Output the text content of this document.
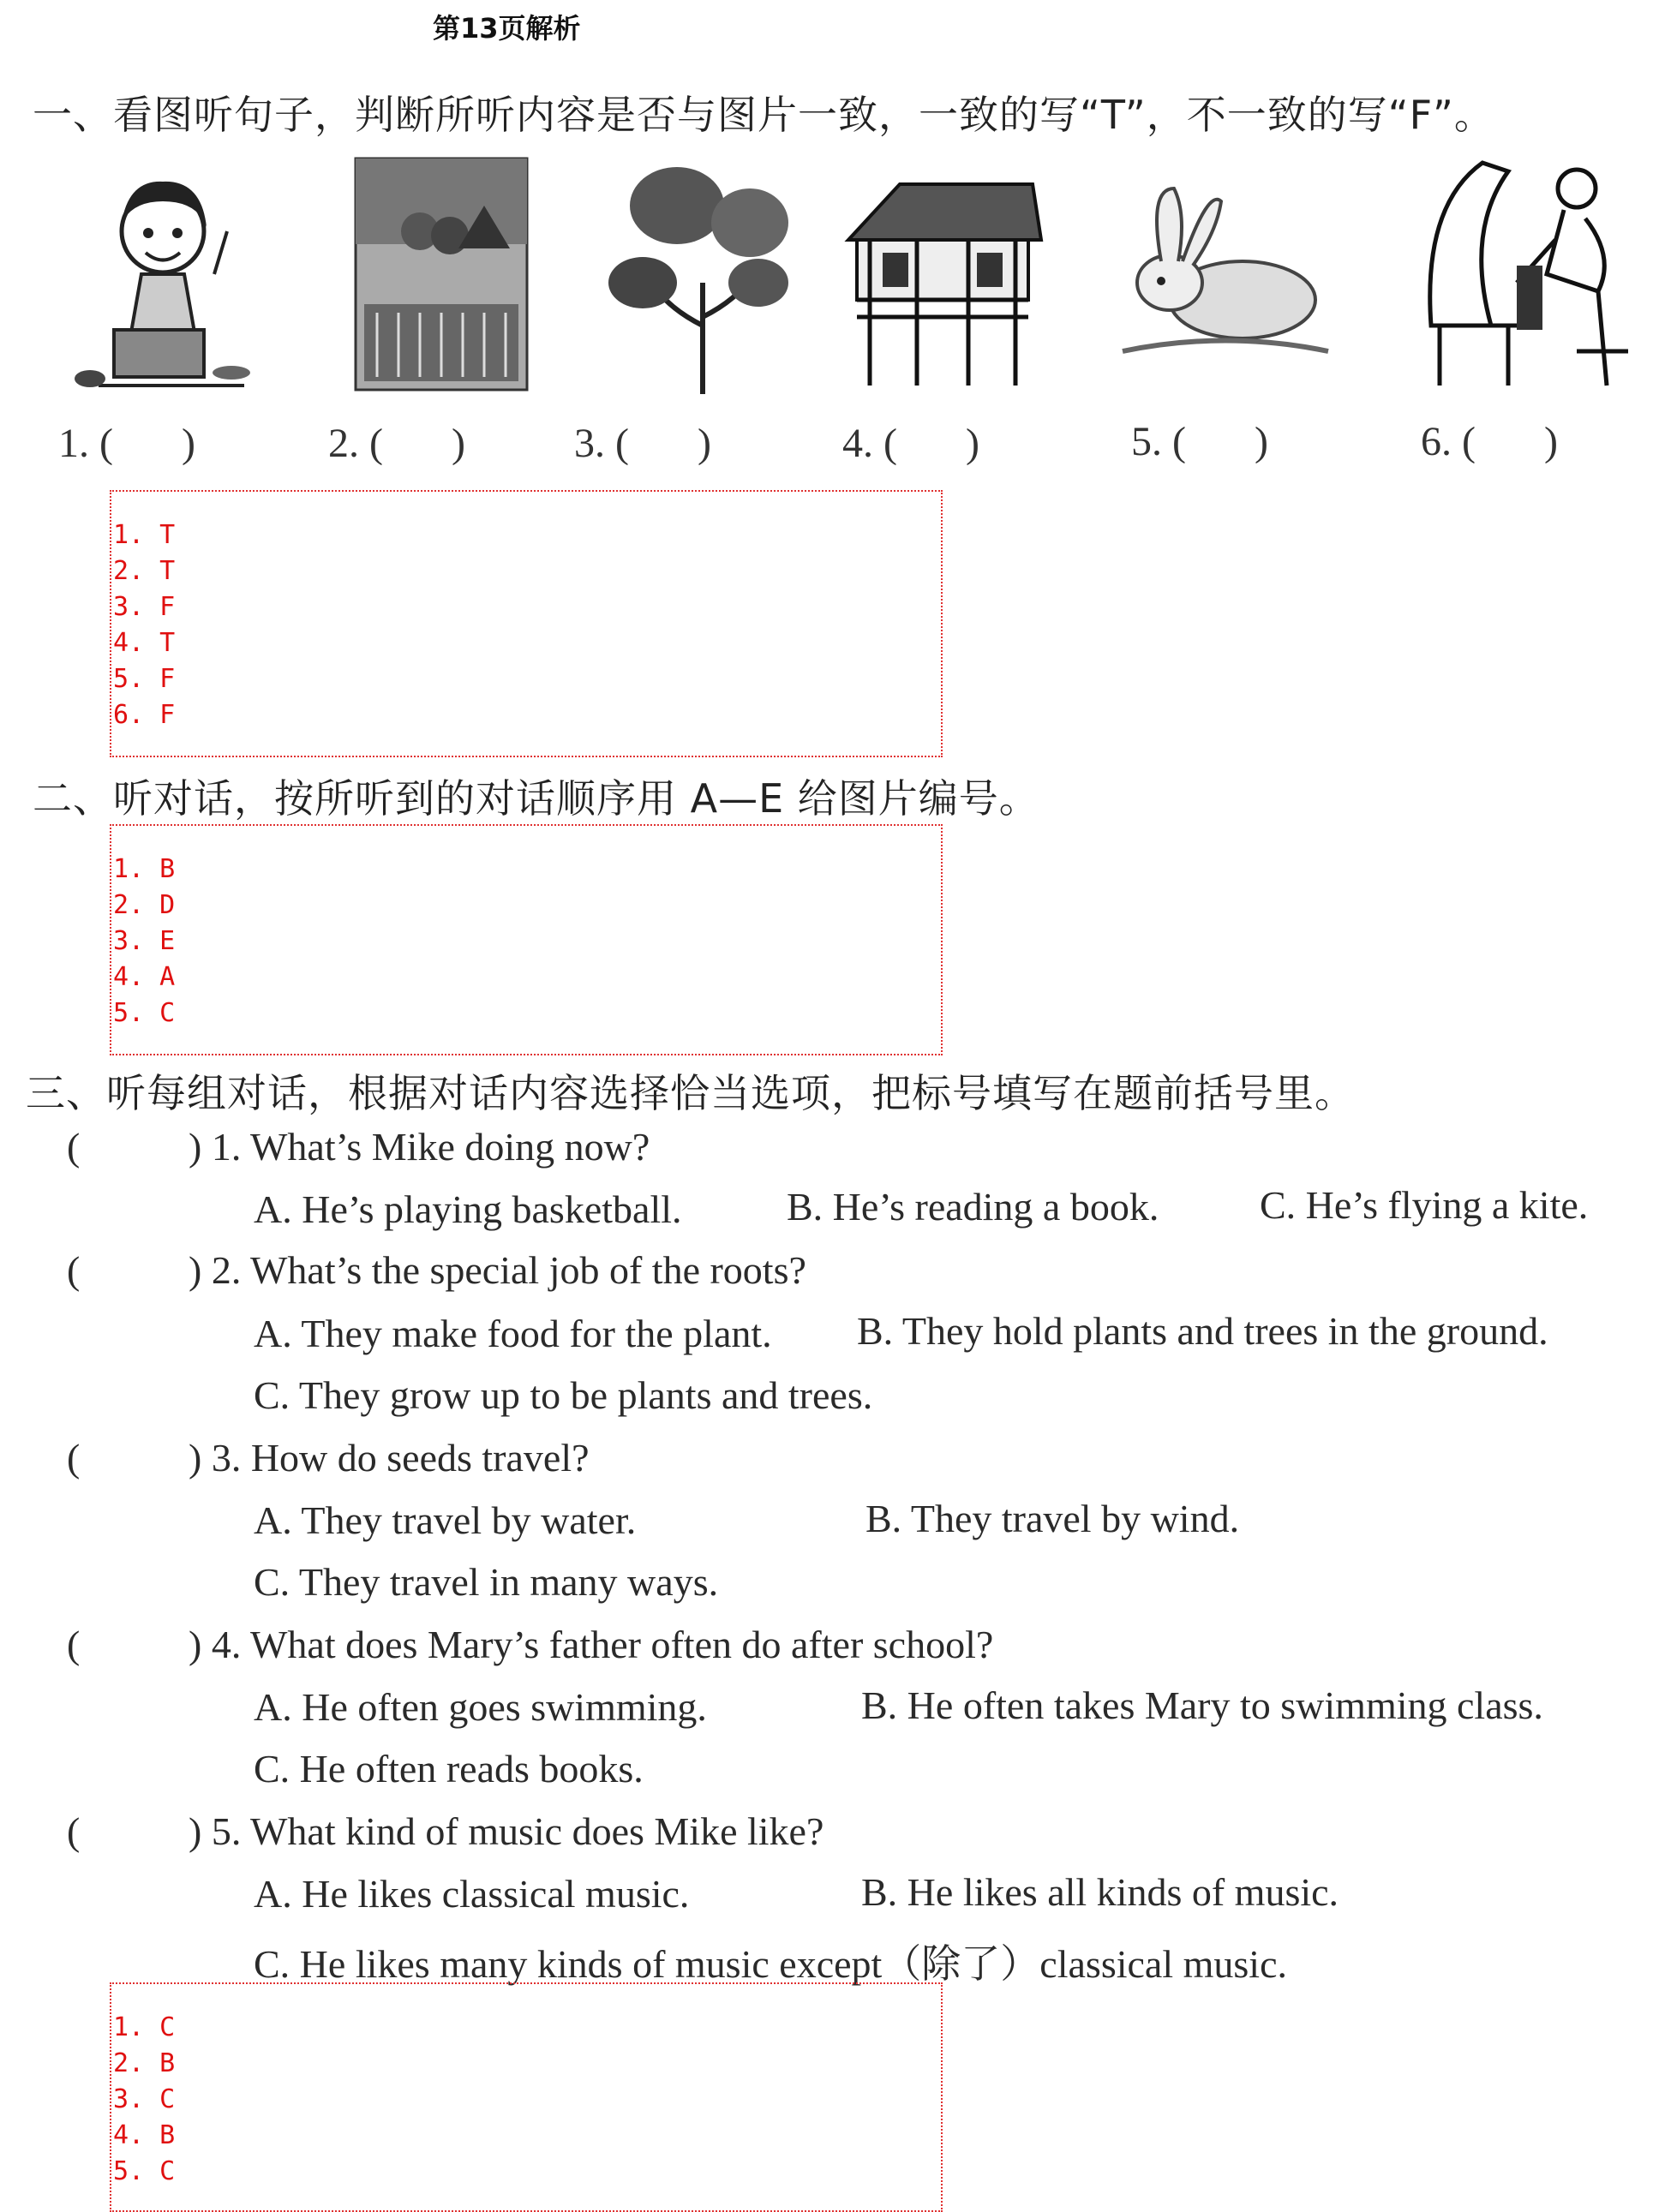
第13页解析
一、看图听句子，判断所听内容是否与图片一致，一致的写“T”，不一致的写“F”。
1. ( )	2. ( )	3. ( )	4. ( )	5. ( )	6. ( )
1. T
2. T
3. F
4. T
5. F
6. F
二、听对话，按所听到的对话顺序用 A—E 给图片编号。
1. B
2. D
3. E
4. A
5. C
三、听每组对话，根据对话内容选择恰当选项，把标号填写在题前括号里。
(	) 1. What’s Mike doing now?
A. He’s playing basketball.	B. He’s reading a book.	C. He’s flying a kite.
(	) 2. What’s the special job of the roots?
A. They make food for the plant. B. They hold plants and trees in the ground.
C. They grow up to be plants and trees.
(	) 3. How do seeds travel?
A. They travel by water.	B. They travel by wind.
C. They travel in many ways.
(	) 4. What does Mary’s father often do after school?
A. He often goes swimming.	B. He often takes Mary to swimming class.
C. He often reads books.
(	) 5. What kind of music does Mike like?
A. He likes classical music.	B. He likes all kinds of music.
C. He likes many kinds of music except（除了）classical music.
1. C
2. B
3. C
4. B
5. C
